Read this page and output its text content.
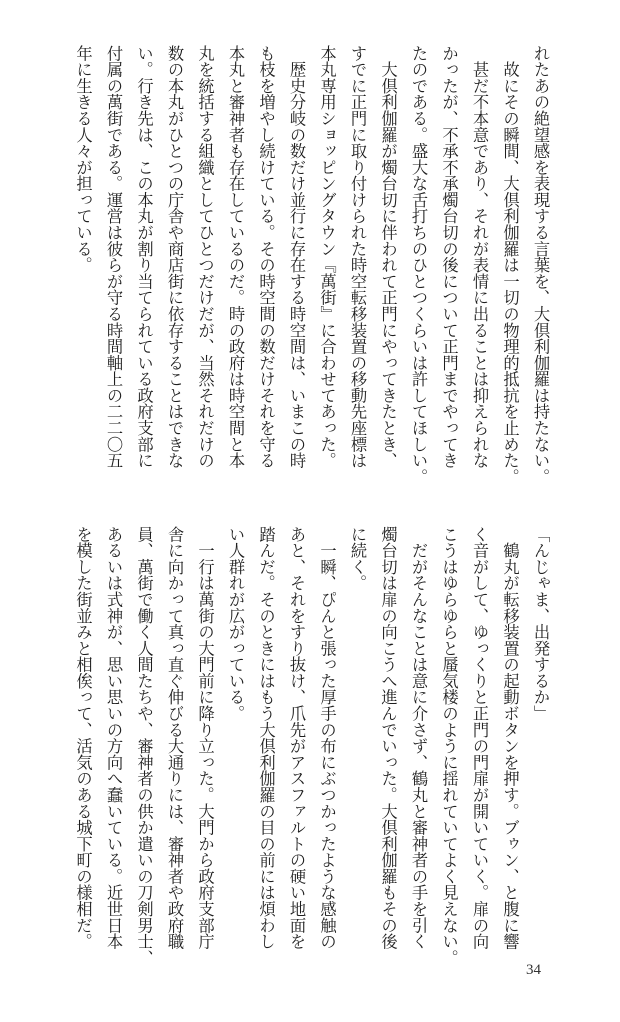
れたあの絶望感を表現する言葉を、大倶利伽羅は持たない。
　故にその瞬間、大倶利伽羅は一切の物理的抵抗を止めた。
　甚だ不本意であり、それが表情に出ることは抑えられな
かったが、不承不承燭台切の後について正門までやってき
たのである。盛大な舌打ちのひとつくらいは許してほしい。
　大倶利伽羅が燭台切に伴われて正門にやってきたとき、
すでに正門に取り付けられた時空転移装置の移動先座標は
本丸専用ショッピングタウン『萬街』に合わせてあった。
　歴史分岐の数だけ並行に存在する時空間は、いまこの時
も枝を増やし続けている。その時空間の数だけそれを守る
本丸と審神者も存在しているのだ。時の政府は時空間と本
丸を統括する組織としてひとつだけだが、当然それだけの
数の本丸がひとつの庁舎や商店街に依存することはできな
い。行き先は、この本丸が割り当てられている政府支部に
付属の萬街である。運営は彼らが守る時間軸上の二二〇五
年に生きる人々が担っている。
「んじゃま、出発するか」
　鶴丸が転移装置の起動ボタンを押す。ブゥン、と腹に響
く音がして、ゆっくりと正門の門扉が開いていく。扉の向
こうはゆらゆらと蜃気楼のように揺れていてよく見えない。
　だがそんなことは意に介さず、鶴丸と審神者の手を引く
燭台切は扉の向こうへ進んでいった。大倶利伽羅もその後
に続く。
　一瞬、ぴんと張った厚手の布にぶつかったような感触の
あと、それをすり抜け、爪先がアスファルトの硬い地面を
踏んだ。そのときにはもう大倶利伽羅の目の前には煩わし
い人群れが広がっている。
　一行は萬街の大門前に降り立った。大門から政府支部庁
舎に向かって真っ直ぐ伸びる大通りには、審神者や政府職
員、萬街で働く人間たちや、審神者の供か遣いの刀剣男士、
あるいは式神が、思い思いの方向へ蠢いている。近世日本
を模した街並みと相俟って、活気のある城下町の様相だ。
34
